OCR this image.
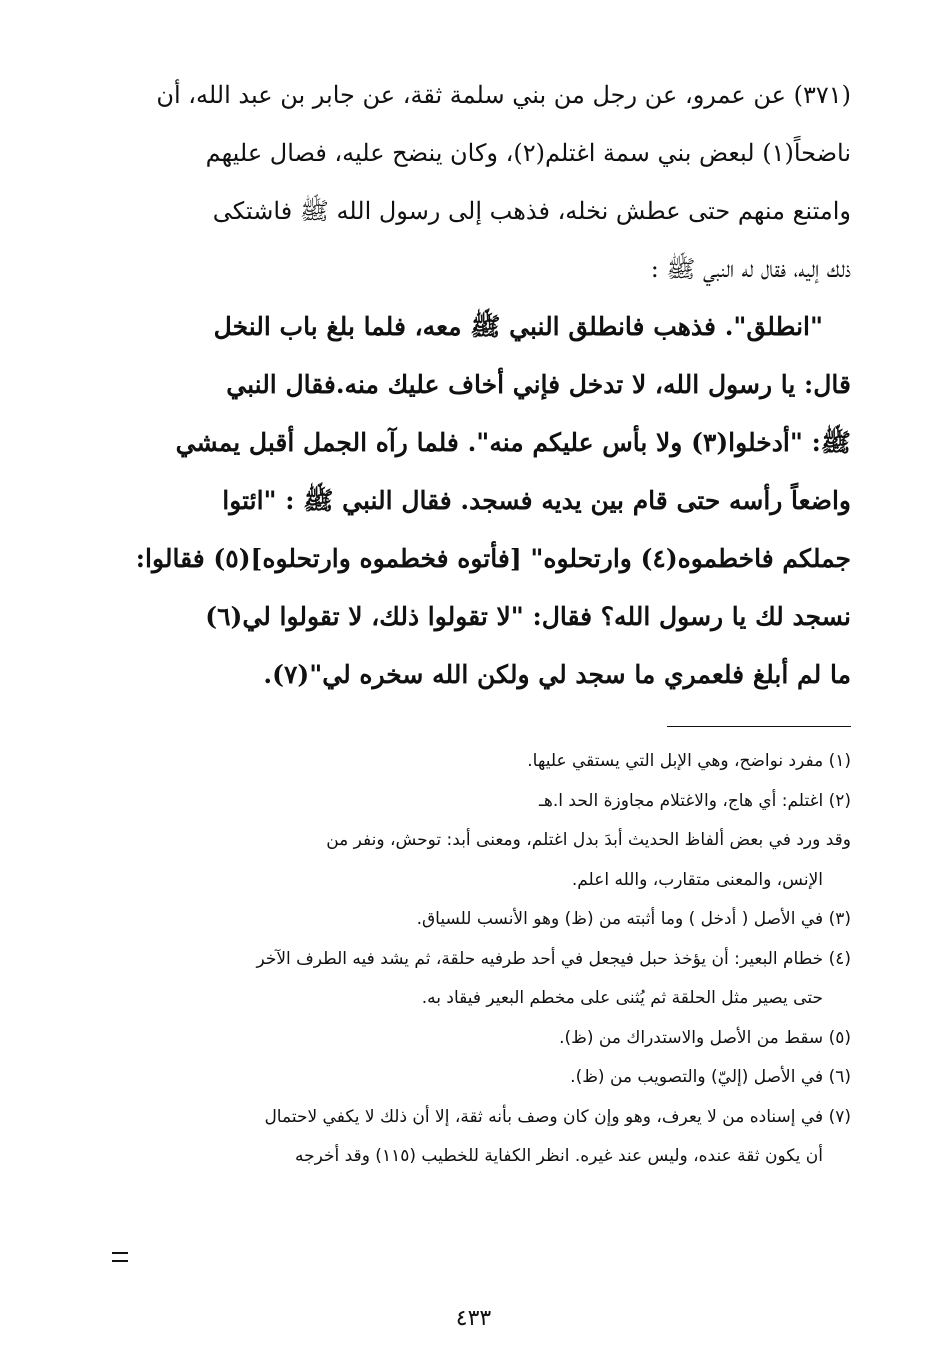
(٣٧١) عن عمرو، عن رجل من بني سلمة ثقة، عن جابر بن عبد الله، أن

ناضحاً(١) لبعض بني سمة اغتلم(٢)، وكان ينضح عليه، فصال عليهم

وامتنع منهم حتى عطش نخله، فذهب إلى رسول الله ﷺ فاشتكى

ذلك إليه، فقال له النبي ﷺ :

"انطلق". فذهب فانطلق النبي ﷺ معه، فلما بلغ باب النخل

قال: يا رسول الله، لا تدخل فإني أخاف عليك منه.فقال النبي

ﷺ: "أدخلوا(٣) ولا بأس عليكم منه". فلما رآه الجمل أقبل يمشي

واضعاً رأسه حتى قام بين يديه فسجد. فقال النبي ﷺ : "ائتوا

جملكم فاخطموه(٤) وارتحلوه" [فأتوه فخطموه وارتحلوه](٥) فقالوا:

نسجد لك يا رسول الله؟ فقال: "لا تقولوا ذلك، لا تقولوا لي(٦)

ما لم أبلغ فلعمري ما سجد لي ولكن الله سخره لي"(٧).

(١) مفرد نواضح، وهي الإبل التي يستقي عليها.

(٢) اغتلم: أي هاج، والاغتلام مجاوزة الحد ا.هـ

وقد ورد في بعض ألفاظ الحديث أبدَ بدل اغتلم، ومعنى أبد: توحش، ونفر من

الإنس، والمعنى متقارب، والله اعلم.

(٣) في الأصل ( أدخل ) وما أثبته من (ظ) وهو الأنسب للسياق.

(٤) خطام البعير: أن يؤخذ حبل فيجعل في أحد طرفيه حلقة، ثم يشد فيه الطرف الآخر

حتى يصير مثل الحلقة ثم يُثنى على مخطم البعير فيقاد به.

(٥) سقط من الأصل والاستدراك من (ظ).

(٦) في الأصل (إليّ) والتصويب من (ظ).

(٧) في إسناده من لا يعرف، وهو وإن كان وصف بأنه ثقة، إلا أن ذلك لا يكفي لاحتمال

أن يكون ثقة عنده، وليس عند غيره. انظر الكفاية للخطيب (١١٥) وقد أخرجه

٤٣٣
